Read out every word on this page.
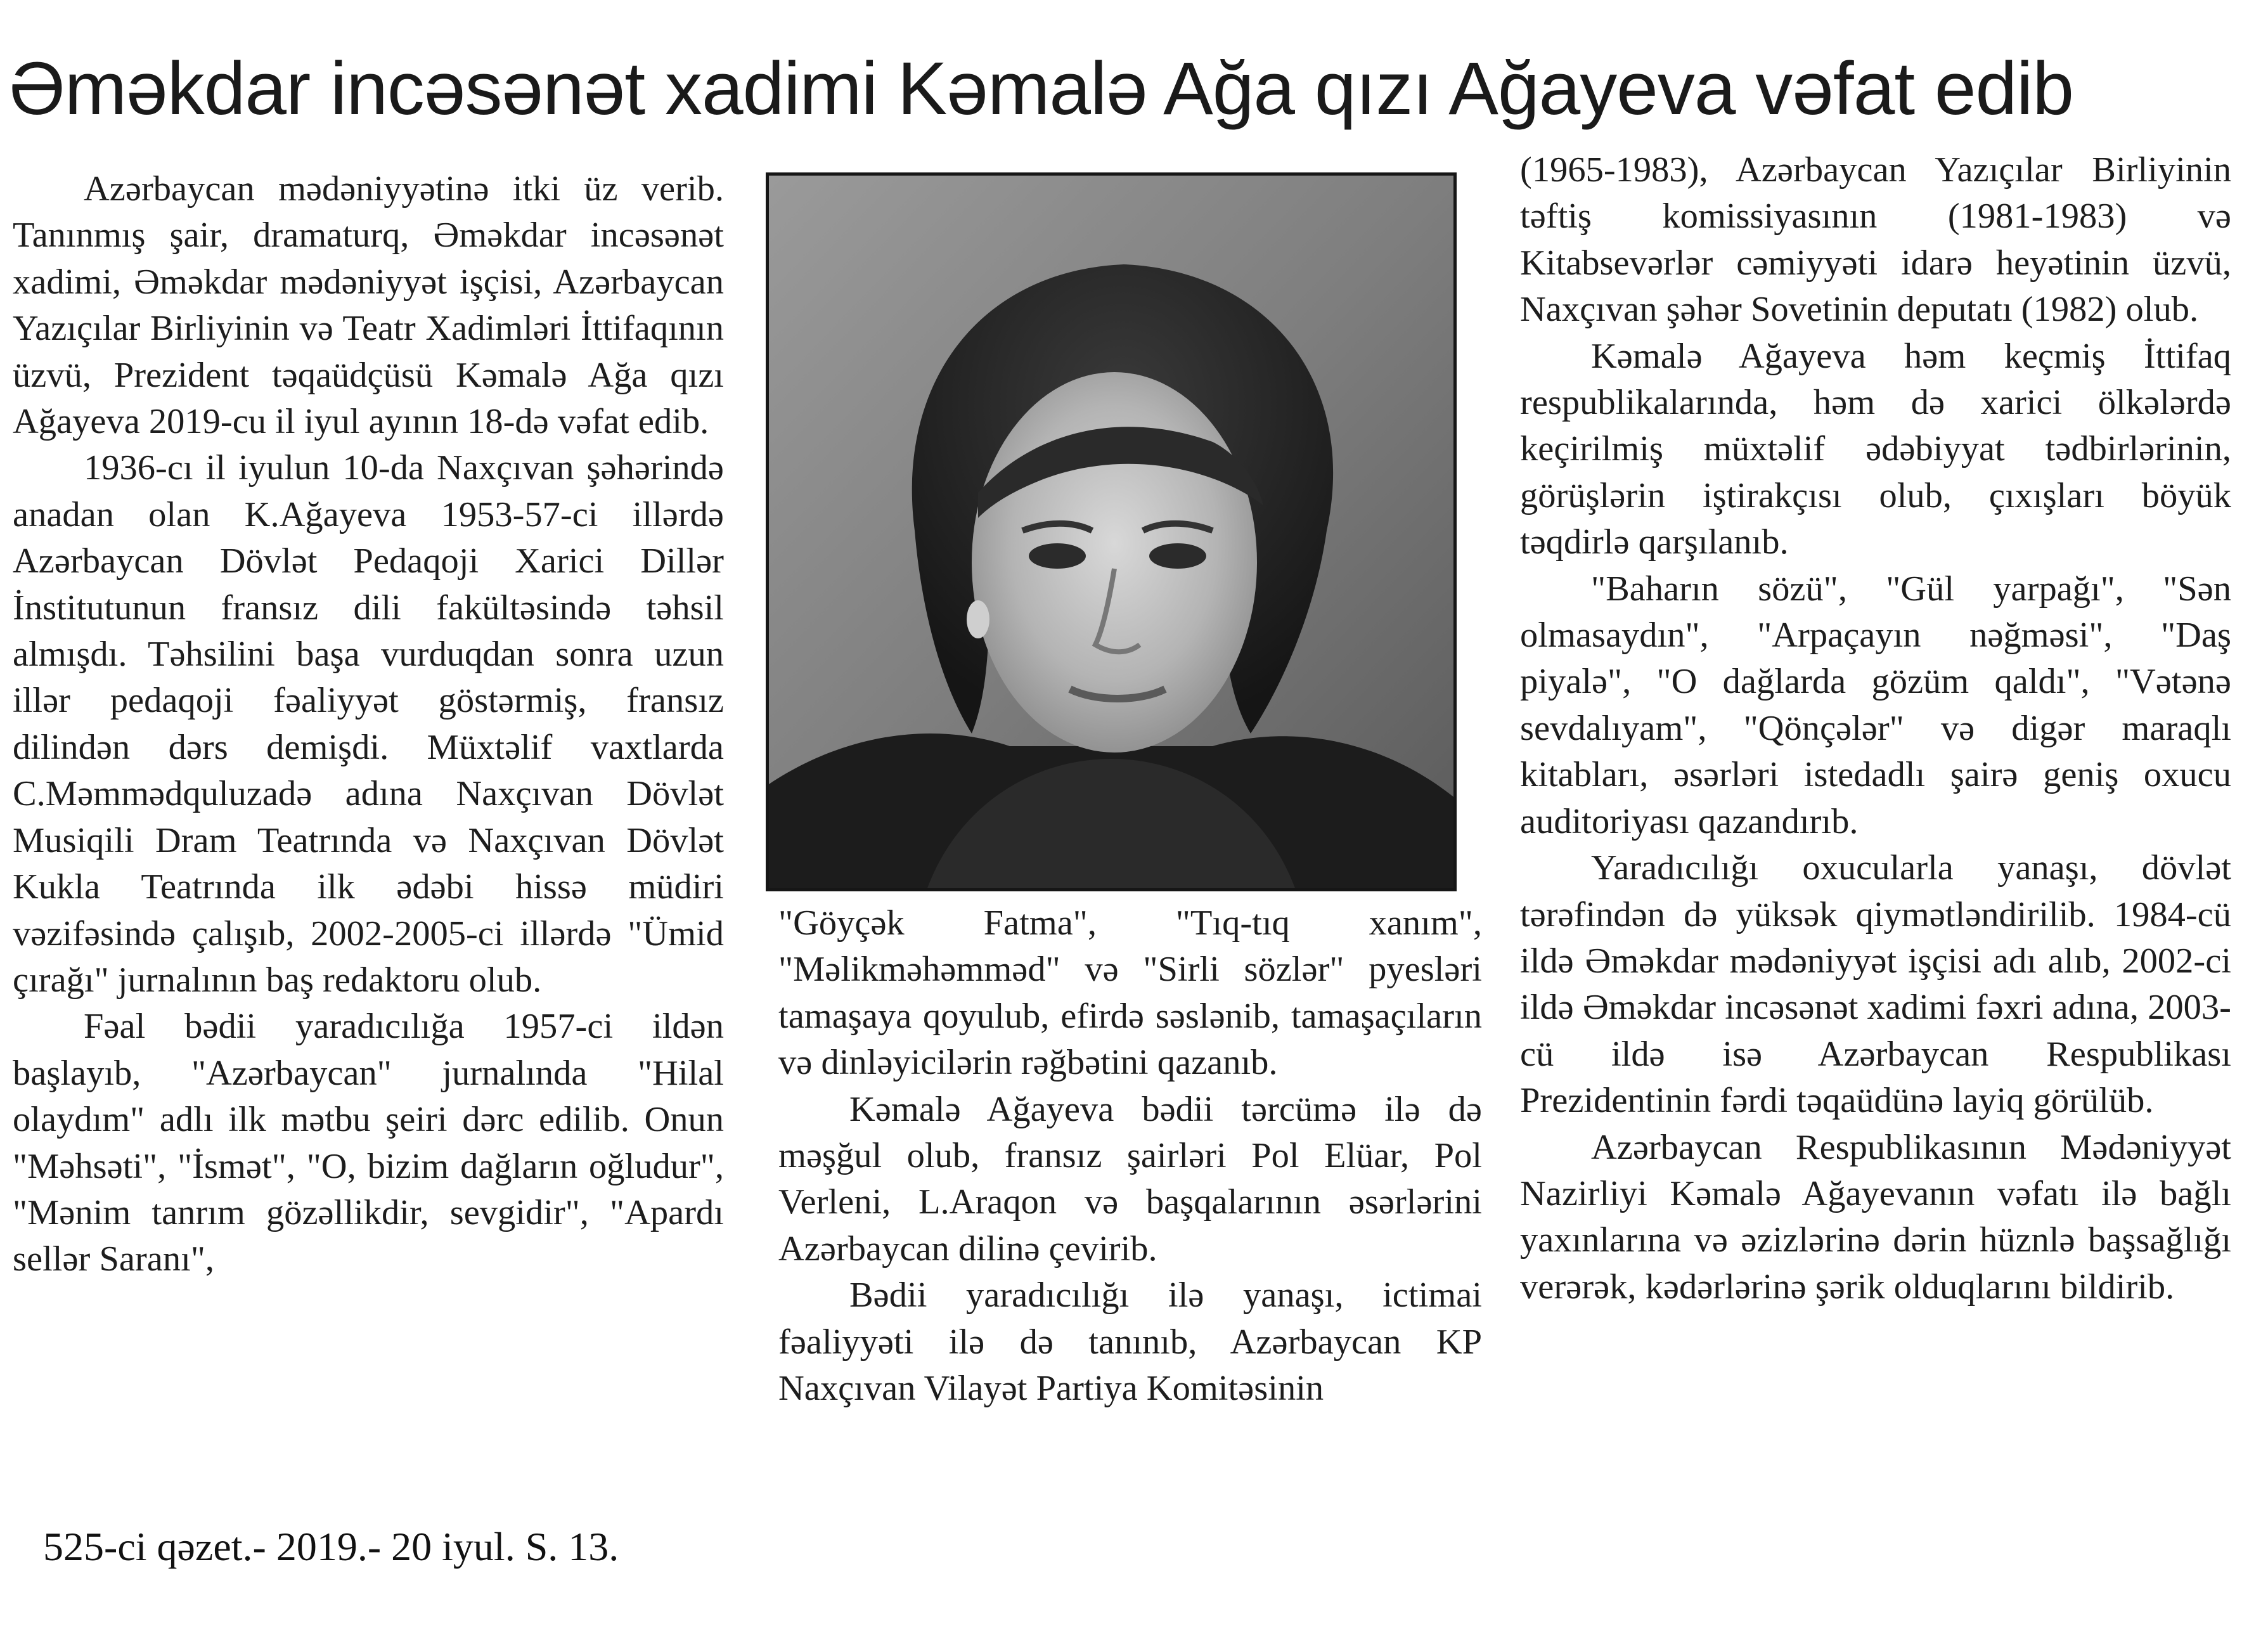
Əməkdar incəsənət xadimi Kəmalə Ağa qızı Ağayeva vəfat edib

Azərbaycan mədəniyyətinə itki üz verib. Tanınmış şair, dramaturq, Əməkdar incəsənət xadimi, Əməkdar mədəniyyət işçisi, Azərbaycan Yazıçılar Birliyinin və Teatr Xadimləri İttifaqının üzvü, Prezident təqaüdçüsü Kəmalə Ağa qızı Ağayeva 2019-cu il iyul ayının 18-də vəfat edib.

1936-cı il iyulun 10-da Naxçıvan şəhərində anadan olan K.Ağayeva 1953-57-ci illərdə Azərbaycan Dövlət Pedaqoji Xarici Dillər İnstitutunun fransız dili fakültəsində təhsil almışdı. Təhsilini başa vurduqdan sonra uzun illər pedaqoji fəaliyyət göstərmiş, fransız dilindən dərs demişdi. Müxtəlif vaxtlarda C.Məmmədquluzadə adına Naxçıvan Dövlət Musiqili Dram Teatrında və Naxçıvan Dövlət Kukla Teatrında ilk ədəbi hissə müdiri vəzifəsində çalışıb, 2002-2005-ci illərdə "Ümid çırağı" jurnalının baş redaktoru olub.

Fəal bədii yaradıcılığa 1957-ci ildən başlayıb, "Azərbaycan" jurnalında "Hilal olaydım" adlı ilk mətbu şeiri dərc edilib. Onun "Məhsəti", "İsmət", "O, bizim dağların oğludur", "Mənim tanrım gözəllikdir, sevgidir", "Apardı sellər Saranı",

"Göyçək Fatma", "Tıq-tıq xanım", "Məlikməhəmməd" və "Sirli sözlər" pyesləri tamaşaya qoyulub, efirdə səslənib, tamaşaçıların və dinləyicilərin rəğbətini qazanıb.

Kəmalə Ağayeva bədii tərcümə ilə də məşğul olub, fransız şairləri Pol Elüar, Pol Verleni, L.Araqon və başqalarının əsərlərini Azərbaycan dilinə çevirib.

Bədii yaradıcılığı ilə yanaşı, ictimai fəaliyyəti ilə də tanınıb, Azərbaycan KP Naxçıvan Vilayət Partiya Komitəsinin

(1965-1983), Azərbaycan Yazıçılar Birliyinin təftiş komissiyasının (1981-1983) və Kitabsevərlər cəmiyyəti idarə heyətinin üzvü, Naxçıvan şəhər Sovetinin deputatı (1982) olub.

Kəmalə Ağayeva həm keçmiş İttifaq respublikalarında, həm də xarici ölkələrdə keçirilmiş müxtəlif ədəbiyyat tədbirlərinin, görüşlərin iştirakçısı olub, çıxışları böyük təqdirlə qarşılanıb.

"Baharın sözü", "Gül yarpağı", "Sən olmasaydın", "Arpaçayın nəğməsi", "Daş piyalə", "O dağlarda gözüm qaldı", "Vətənə sevdalıyam", "Qönçələr" və digər maraqlı kitabları, əsərləri istedadlı şairə geniş oxucu auditoriyası qazandırıb.

Yaradıcılığı oxucularla yanaşı, dövlət tərəfindən də yüksək qiymətləndirilib. 1984-cü ildə Əməkdar mədəniyyət işçisi adı alıb, 2002-ci ildə Əməkdar incəsənət xadimi fəxri adına, 2003-cü ildə isə Azərbaycan Respublikası Prezidentinin fərdi təqaüdünə layiq görülüb.

Azərbaycan Respublikasının Mədəniyyət Nazirliyi Kəmalə Ağayevanın vəfatı ilə bağlı yaxınlarına və əzizlərinə dərin hüznlə başsağlığı verərək, kədərlərinə şərik olduqlarını bildirib.

525-ci qəzet.- 2019.- 20 iyul. S. 13.
